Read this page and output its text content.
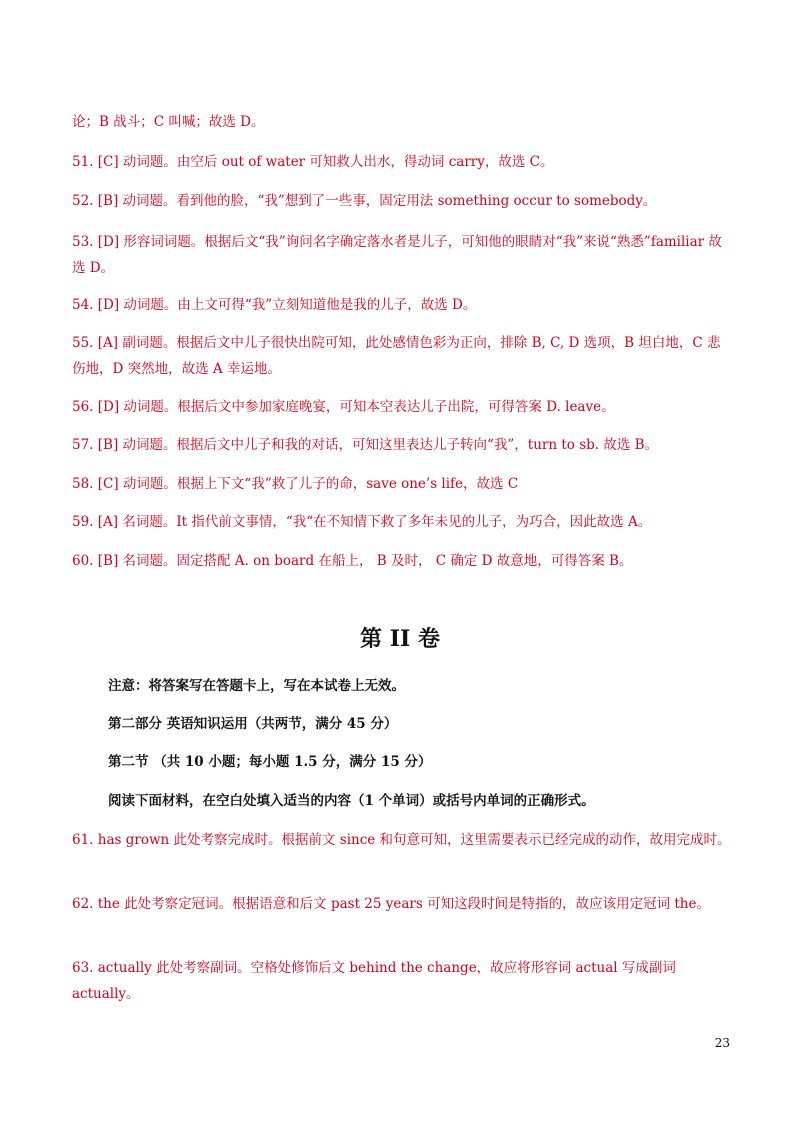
论；B 战斗；C 叫喊；故选 D。
51. [C] 动词题。由空后 out of water 可知救人出水，得动词 carry，故选 C。
52. [B] 动词题。看到他的脸，“我”想到了一些事，固定用法 something occur to somebody。
53. [D] 形容词词题。根据后文“我”询问名字确定落水者是儿子，可知他的眼睛对“我”来说“熟悉”familiar 故选 D。
54. [D] 动词题。由上文可得“我”立刻知道他是我的儿子，故选 D。
55. [A] 副词题。根据后文中儿子很快出院可知，此处感情色彩为正向，排除 B, C, D 选项，B 坦白地，C 悲伤地，D 突然地，故选 A 幸运地。
56. [D] 动词题。根据后文中参加家庭晚宴，可知本空表达儿子出院，可得答案 D. leave。
57. [B] 动词题。根据后文中儿子和我的对话，可知这里表达儿子转向“我”，turn to sb. 故选 B。
58. [C] 动词题。根据上下文“我”救了儿子的命，save one’s life，故选 C
59. [A] 名词题。It 指代前文事情，“我“在不知情下救了多年未见的儿子，为巧合，因此故选 A。
60. [B] 名词题。固定搭配 A. on board 在船上， B 及时， C 确定 D 故意地，可得答案 B。
第 II 卷
注意：将答案写在答题卡上，写在本试卷上无效。
第二部分 英语知识运用（共两节，满分 45 分）
第二节 （共 10 小题；每小题 1.5 分，满分 15 分）
阅读下面材料，在空白处填入适当的内容（1 个单词）或括号内单词的正确形式。
61. has grown 此处考察完成时。根据前文 since 和句意可知，这里需要表示已经完成的动作，故用完成时。
62. the 此处考察定冠词。根据语意和后文 past 25 years 可知这段时间是特指的，故应该用定冠词 the。
63. actually 此处考察副词。空格处修饰后文 behind the change，故应将形容词 actual 写成副词 actually。
23
